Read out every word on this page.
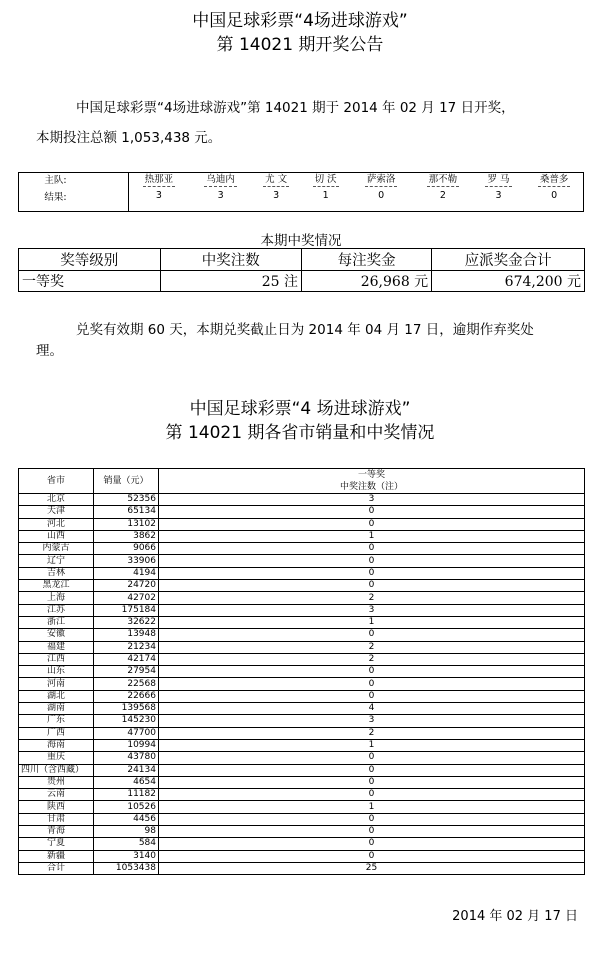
中国足球彩票“4场进球游戏”
第 14021 期开奖公告
中国足球彩票“4场进球游戏”第 14021 期于 2014 年 02 月 17 日开奖，
本期投注总额 1,053,438 元。
主队:		热那亚	乌迪内	尤 文	切 沃	萨索洛	那不勒	罗 马	桑普多
结果:		3	3	3	1	0	2	3	0
本期中奖情况
奖等级别	中奖注数	每注奖金	应派奖金合计
一等奖	25 注	26,968 元	674,200 元
兑奖有效期 60 天，本期兑奖截止日为 2014 年 04 月 17 日，逾期作弃奖处
理。
中国足球彩票“4 场进球游戏”
第 14021 期各省市销量和中奖情况
省市	销量（元）	一等奖
		中奖注数（注）
北京	52356	3
天津	65134	0
河北	13102	0
山西	3862	1
内蒙古	9066	0
辽宁	33906	0
吉林	4194	0
黑龙江	24720	0
上海	42702	2
江苏	175184	3
浙江	32622	1
安徽	13948	0
福建	21234	2
江西	42174	2
山东	27954	0
河南	22568	0
湖北	22666	0
湖南	139568	4
广东	145230	3
广西	47700	2
海南	10994	1
重庆	43780	0
四川（含西藏）	24134	0
贵州	4654	0
云南	11182	0
陕西	10526	1
甘肃	4456	0
青海	98	0
宁夏	584	0
新疆	3140	0
合计	1053438	25
2014 年 02 月 17 日
